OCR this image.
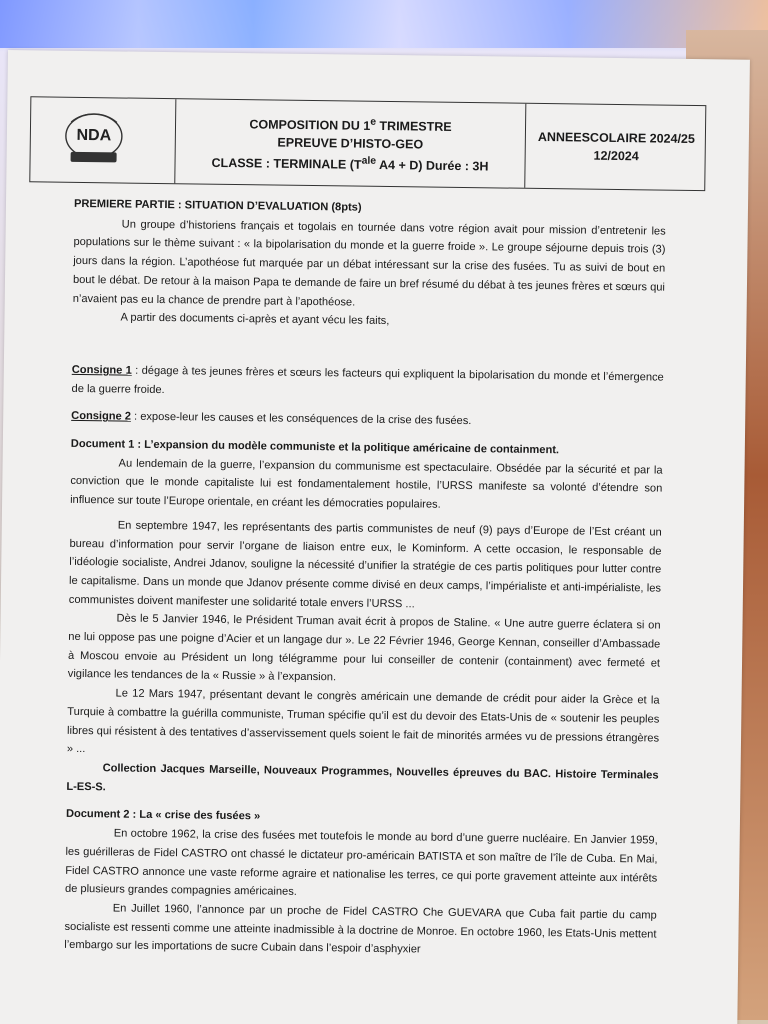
NDA
COMPOSITION DU 1e TRIMESTRE
EPREUVE D’HISTO-GEO
CLASSE : TERMINALE ($T^{ale}$ A4 + D) Durée : 3H
ANNEESCOLAIRE 2024/25
12/2024
PREMIERE PARTIE : SITUATION D’EVALUATION (8pts)

Un groupe d’historiens français et togolais en tournée dans votre région avait pour mission d’entretenir les populations sur le thème suivant : « la bipolarisation du monde et la guerre froide ». Le groupe séjourne depuis trois (3) jours dans la région. L’apothéose fut marquée par un débat intéressant sur la crise des fusées. Tu as suivi de bout en bout le débat. De retour à la maison Papa te demande de faire un bref résumé du débat à tes jeunes frères et sœurs qui n’avaient pas eu la chance de prendre part à l’apothéose.

A partir des documents ci-après et ayant vécu les faits,

Consigne 1 : dégage à tes jeunes frères et sœurs les facteurs qui expliquent la bipolarisation du monde et l’émergence de la guerre froide.

Consigne 2 : expose-leur les causes et les conséquences de la crise des fusées.

Document 1 : L’expansion du modèle communiste et la politique américaine de containment.

Au lendemain de la guerre, l’expansion du communisme est spectaculaire. Obsédée par la sécurité et par la conviction que le monde capitaliste lui est fondamentalement hostile, l’URSS manifeste sa volonté d’étendre son influence sur toute l’Europe orientale, en créant les démocraties populaires.

En septembre 1947, les représentants des partis communistes de neuf (9) pays d’Europe de l’Est créant un bureau d’information pour servir l’organe de liaison entre eux, le Kominform. A cette occasion, le responsable de l’idéologie socialiste, Andrei Jdanov, souligne la nécessité d’unifier la stratégie de ces partis politiques pour lutter contre le capitalisme. Dans un monde que Jdanov présente comme divisé en deux camps, l’impérialiste et anti-impérialiste, les communistes doivent manifester une solidarité totale envers l’URSS ...

Dès le 5 Janvier 1946, le Président Truman avait écrit à propos de Staline. « Une autre guerre éclatera si on ne lui oppose pas une poigne d’Acier et un langage dur ». Le 22 Février 1946, George Kennan, conseiller d’Ambassade à Moscou envoie au Président un long télégramme pour lui conseiller de contenir (containment) avec fermeté et vigilance les tendances de la « Russie » à l’expansion.

Le 12 Mars 1947, présentant devant le congrès américain une demande de crédit pour aider la Grèce et la Turquie à combattre la guérilla communiste, Truman spécifie qu’il est du devoir des Etats-Unis de « soutenir les peuples libres qui résistent à des tentatives d’asservissement quels soient le fait de minorités armées vu de pressions étrangères » ...

Collection Jacques Marseille, Nouveaux Programmes, Nouvelles épreuves du BAC. Histoire Terminales L-ES-S.

Document 2 : La « crise des fusées »

En octobre 1962, la crise des fusées met toutefois le monde au bord d’une guerre nucléaire. En Janvier 1959, les guérilleras de Fidel CASTRO ont chassé le dictateur pro-américain BATISTA et son maître de l’île de Cuba. En Mai, Fidel CASTRO annonce une vaste reforme agraire et nationalise les terres, ce qui porte gravement atteinte aux intérêts de plusieurs grandes compagnies américaines.

En Juillet 1960, l’annonce par un proche de Fidel CASTRO Che GUEVARA que Cuba fait partie du camp socialiste est ressenti comme une atteinte inadmissible à la doctrine de Monroe. En octobre 1960, les Etats-Unis mettent l’embargo sur les importations de sucre Cubain dans l’espoir d’asphyxier
